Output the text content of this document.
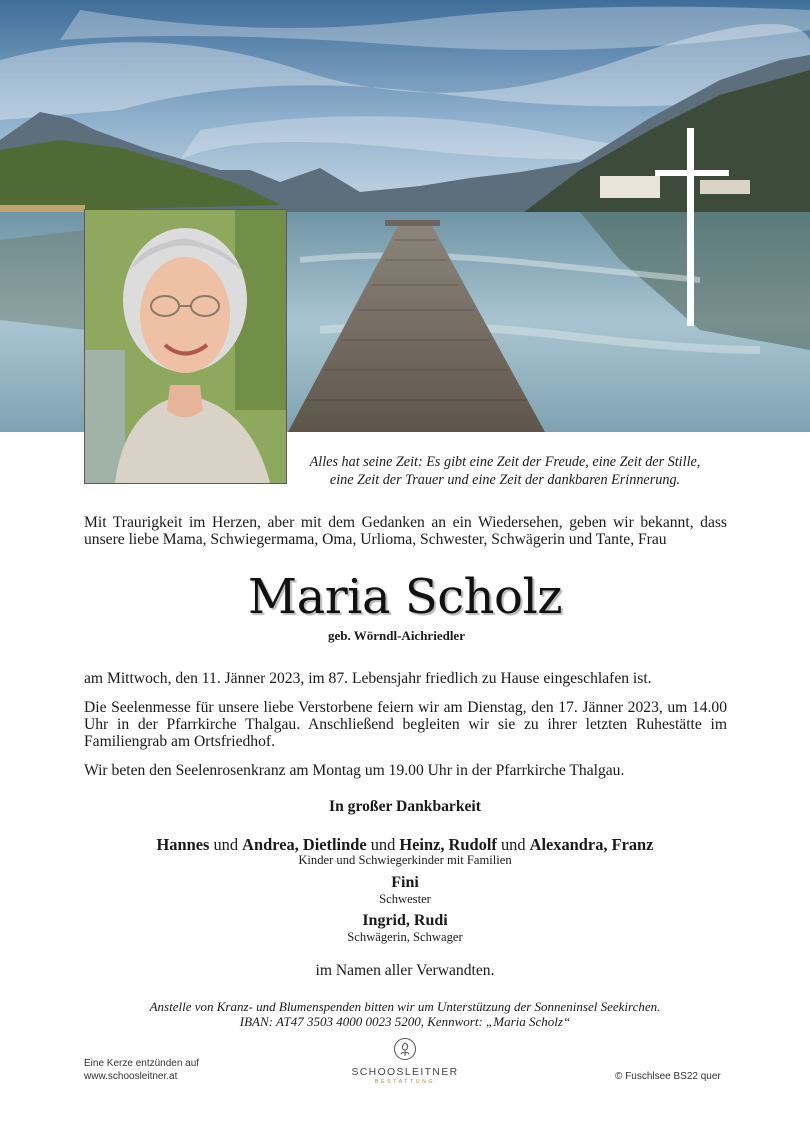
Alles hat seine Zeit: Es gibt eine Zeit der Freude, eine Zeit der Stille,
eine Zeit der Trauer und eine Zeit der dankbaren Erinnerung.
Mit Traurigkeit im Herzen, aber mit dem Gedanken an ein Wiedersehen, geben wir bekannt, dass unsere liebe Mama, Schwiegermama, Oma, Urlioma, Schwester, Schwägerin und Tante, Frau
Maria Scholz
geb. Wörndl-Aichriedler
am Mittwoch, den 11. Jänner 2023, im 87. Lebensjahr friedlich zu Hause eingeschlafen ist.
Die Seelenmesse für unsere liebe Verstorbene feiern wir am Dienstag, den 17. Jänner 2023, um 14.00 Uhr in der Pfarrkirche Thalgau. Anschließend begleiten wir sie zu ihrer letzten Ruhestätte im Familiengrab am Ortsfriedhof.
Wir beten den Seelenrosenkranz am Montag um 19.00 Uhr in der Pfarrkirche Thalgau.
In großer Dankbarkeit
Hannes und Andrea, Dietlinde und Heinz, Rudolf und Alexandra, Franz
Kinder und Schwiegerkinder mit Familien
Fini
Schwester
Ingrid, Rudi
Schwägerin, Schwager
im Namen aller Verwandten.
Anstelle von Kranz- und Blumenspenden bitten wir um Unterstützung der Sonneninsel Seekirchen.
IBAN: AT47 3503 4000 0023 5200, Kennwort: „Maria Scholz“
Eine Kerze entzünden auf
www.schoosleitner.at	SCHOOSLEITNER
BESTATTUNG	© Fuschlsee BS22 quer
